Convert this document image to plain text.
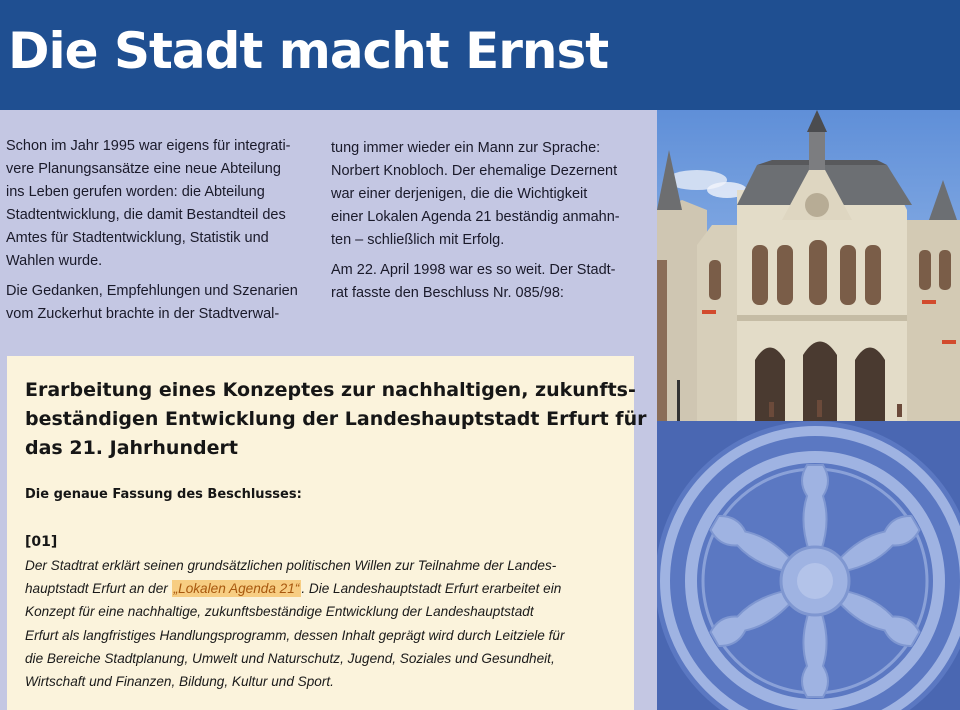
Die Stadt macht Ernst

Schon im Jahr 1995 war eigens für integrati-
vere Planungsansätze eine neue Abteilung
ins Leben gerufen worden: die Abteilung
Stadtentwicklung, die damit Bestandteil des
Amtes für Stadtentwicklung, Statistik und
Wahlen wurde.

Die Gedanken, Empfehlungen und Szenarien
vom Zuckerhut brachte in der Stadtverwal-

tung immer wieder ein Mann zur Sprache:
Norbert Knobloch. Der ehemalige Dezernent
war einer derjenigen, die die Wichtigkeit
einer Lokalen Agenda 21 beständig anmahn-
ten – schließlich mit Erfolg.

Am 22. April 1998 war es so weit. Der Stadt-
rat fasste den Beschluss Nr. 085/98:

Erarbeitung eines Konzeptes zur nachhaltigen, zukunfts-
beständigen Entwicklung der Landeshauptstadt Erfurt für
das 21. Jahrhundert
Die genaue Fassung des Beschlusses:
[01]
Der Stadtrat erklärt seinen grundsätzlichen politischen Willen zur Teilnahme der Landes-
hauptstadt Erfurt an der „Lokalen Agenda 21“ . Die Landeshauptstadt Erfurt erarbeitet ein
Konzept für eine nachhaltige, zukunftsbeständige Entwicklung der Landeshauptstadt
Erfurt als langfristiges Handlungsprogramm, dessen Inhalt geprägt wird durch Leitziele für
die Bereiche Stadtplanung, Umwelt und Naturschutz, Jugend, Soziales und Gesundheit,
Wirtschaft und Finanzen, Bildung, Kultur und Sport.
